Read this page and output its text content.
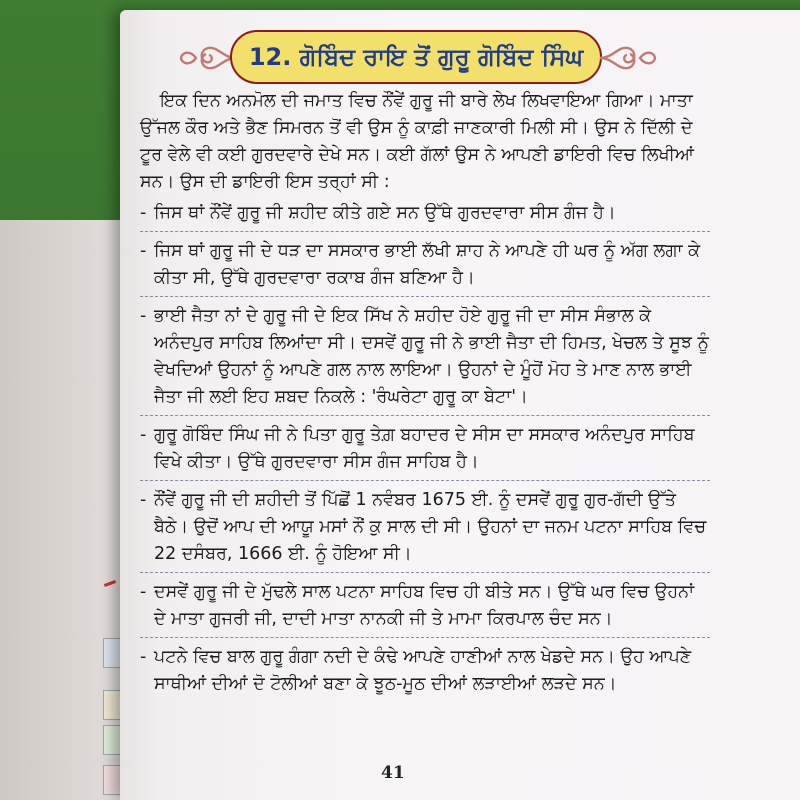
12. ਗੋਬਿੰਦ ਰਾਇ ਤੋਂ ਗੁਰੂ ਗੋਬਿੰਦ ਸਿੰਘ

ਇਕ ਦਿਨ ਅਨਮੋਲ ਦੀ ਜਮਾਤ ਵਿਚ ਨੌਂਵੇਂ ਗੁਰੂ ਜੀ ਬਾਰੇ ਲੇਖ ਲਿਖਵਾਇਆ ਗਿਆ। ਮਾਤਾ ਉੱਜਲ ਕੌਰ ਅਤੇ ਭੈਣ ਸਿਮਰਨ ਤੋਂ ਵੀ ਉਸ ਨੂੰ ਕਾਫ਼ੀ ਜਾਣਕਾਰੀ ਮਿਲੀ ਸੀ। ਉਸ ਨੇ ਦਿੱਲੀ ਦੇ ਟੂਰ ਵੇਲੇ ਵੀ ਕਈ ਗੁਰਦਵਾਰੇ ਦੇਖੇ ਸਨ। ਕਈ ਗੱਲਾਂ ਉਸ ਨੇ ਆਪਣੀ ਡਾਇਰੀ ਵਿਚ ਲਿਖੀਆਂ ਸਨ। ਉਸ ਦੀ ਡਾਇਰੀ ਇਸ ਤਰ੍ਹਾਂ ਸੀ :

- ਜਿਸ ਥਾਂ ਨੌਂਵੇਂ ਗੁਰੂ ਜੀ ਸ਼ਹੀਦ ਕੀਤੇ ਗਏ ਸਨ ਉੱਥੇ ਗੁਰਦਵਾਰਾ ਸੀਸ ਗੰਜ ਹੈ।
- ਜਿਸ ਥਾਂ ਗੁਰੂ ਜੀ ਦੇ ਧੜ ਦਾ ਸਸਕਾਰ ਭਾਈ ਲੱਖੀ ਸ਼ਾਹ ਨੇ ਆਪਣੇ ਹੀ ਘਰ ਨੂੰ ਅੱਗ ਲਗਾ ਕੇ ਕੀਤਾ ਸੀ, ਉੱਥੇ ਗੁਰਦਵਾਰਾ ਰਕਾਬ ਗੰਜ ਬਣਿਆ ਹੈ।
- ਭਾਈ ਜੈਤਾ ਨਾਂ ਦੇ ਗੁਰੂ ਜੀ ਦੇ ਇਕ ਸਿੱਖ ਨੇ ਸ਼ਹੀਦ ਹੋਏ ਗੁਰੂ ਜੀ ਦਾ ਸੀਸ ਸੰਭਾਲ ਕੇ ਅਨੰਦਪੁਰ ਸਾਹਿਬ ਲਿਆਂਦਾ ਸੀ। ਦਸਵੇਂ ਗੁਰੂ ਜੀ ਨੇ ਭਾਈ ਜੈਤਾ ਦੀ ਹਿਮਤ, ਖੇਚਲ ਤੇ ਸੂਝ ਨੂੰ ਵੇਖਦਿਆਂ ਉਹਨਾਂ ਨੂੰ ਆਪਣੇ ਗਲ ਨਾਲ ਲਾਇਆ। ਉਹਨਾਂ ਦੇ ਮੂੰਹੋਂ ਮੋਹ ਤੇ ਮਾਣ ਨਾਲ ਭਾਈ ਜੈਤਾ ਜੀ ਲਈ ਇਹ ਸ਼ਬਦ ਨਿਕਲੇ : 'ਰੰਘਰੇਟਾ ਗੁਰੂ ਕਾ ਬੇਟਾ'।
- ਗੁਰੂ ਗੋਬਿੰਦ ਸਿੰਘ ਜੀ ਨੇ ਪਿਤਾ ਗੁਰੂ ਤੇਗ਼ ਬਹਾਦਰ ਦੇ ਸੀਸ ਦਾ ਸਸਕਾਰ ਅਨੰਦਪੁਰ ਸਾਹਿਬ ਵਿਖੇ ਕੀਤਾ। ਉੱਥੇ ਗੁਰਦਵਾਰਾ ਸੀਸ ਗੰਜ ਸਾਹਿਬ ਹੈ।
- ਨੌਂਵੇਂ ਗੁਰੂ ਜੀ ਦੀ ਸ਼ਹੀਦੀ ਤੋਂ ਪਿੱਛੋਂ 1 ਨਵੰਬਰ 1675 ਈ. ਨੂੰ ਦਸਵੇਂ ਗੁਰੂ ਗੁਰ-ਗੱਦੀ ਉੱਤੇ ਬੈਠੇ। ਉਦੋਂ ਆਪ ਦੀ ਆਯੂ ਮਸਾਂ ਨੌਂ ਕੁ ਸਾਲ ਦੀ ਸੀ। ਉਹਨਾਂ ਦਾ ਜਨਮ ਪਟਨਾ ਸਾਹਿਬ ਵਿਚ 22 ਦਸੰਬਰ, 1666 ਈ. ਨੂੰ ਹੋਇਆ ਸੀ।
- ਦਸਵੇਂ ਗੁਰੂ ਜੀ ਦੇ ਮੁੱਢਲੇ ਸਾਲ ਪਟਨਾ ਸਾਹਿਬ ਵਿਚ ਹੀ ਬੀਤੇ ਸਨ। ਉੱਥੇ ਘਰ ਵਿਚ ਉਹਨਾਂ ਦੇ ਮਾਤਾ ਗੁਜਰੀ ਜੀ, ਦਾਦੀ ਮਾਤਾ ਨਾਨਕੀ ਜੀ ਤੇ ਮਾਮਾ ਕਿਰਪਾਲ ਚੰਦ ਸਨ।
- ਪਟਨੇ ਵਿਚ ਬਾਲ ਗੁਰੂ ਗੰਗਾ ਨਦੀ ਦੇ ਕੰਢੇ ਆਪਣੇ ਹਾਣੀਆਂ ਨਾਲ ਖੇਡਦੇ ਸਨ। ਉਹ ਆਪਣੇ ਸਾਥੀਆਂ ਦੀਆਂ ਦੋ ਟੋਲੀਆਂ ਬਣਾ ਕੇ ਝੂਠ-ਮੂਠ ਦੀਆਂ ਲੜਾਈਆਂ ਲੜਦੇ ਸਨ।
41
